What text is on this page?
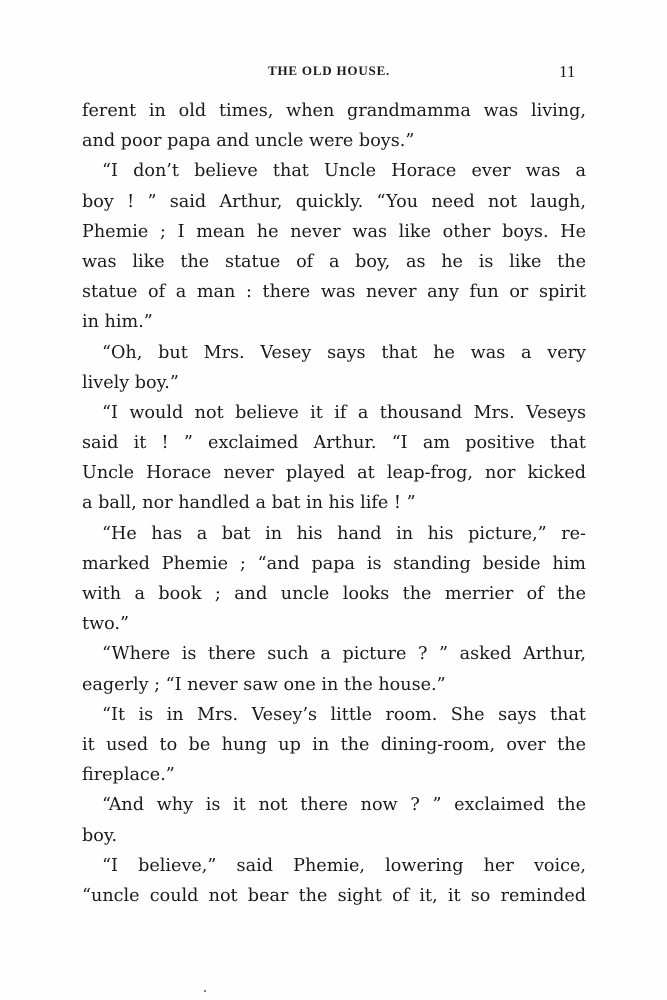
THE OLD HOUSE.	11
ferent in old times, when grandmamma was living,
and poor papa and uncle were boys.”
“I don’t believe that Uncle Horace ever was a
boy ! ” said Arthur, quickly. “You need not laugh,
Phemie ; I mean he never was like other boys. He
was like the statue of a boy, as he is like the
statue of a man : there was never any fun or spirit
in him.”
“Oh, but Mrs. Vesey says that he was a very
lively boy.”
“I would not believe it if a thousand Mrs. Veseys
said it ! ” exclaimed Arthur. “I am positive that
Uncle Horace never played at leap-frog, nor kicked
a ball, nor handled a bat in his life ! ”
“He has a bat in his hand in his picture,” re-
marked Phemie ; “and papa is standing beside him
with a book ; and uncle looks the merrier of the
two.”
“Where is there such a picture ? ” asked Arthur,
eagerly ; “I never saw one in the house.”
“It is in Mrs. Vesey’s little room. She says that
it used to be hung up in the dining-room, over the
fireplace.”
“And why is it not there now ? ” exclaimed the
boy.
“I believe,” said Phemie, lowering her voice,
“uncle could not bear the sight of it, it so reminded
